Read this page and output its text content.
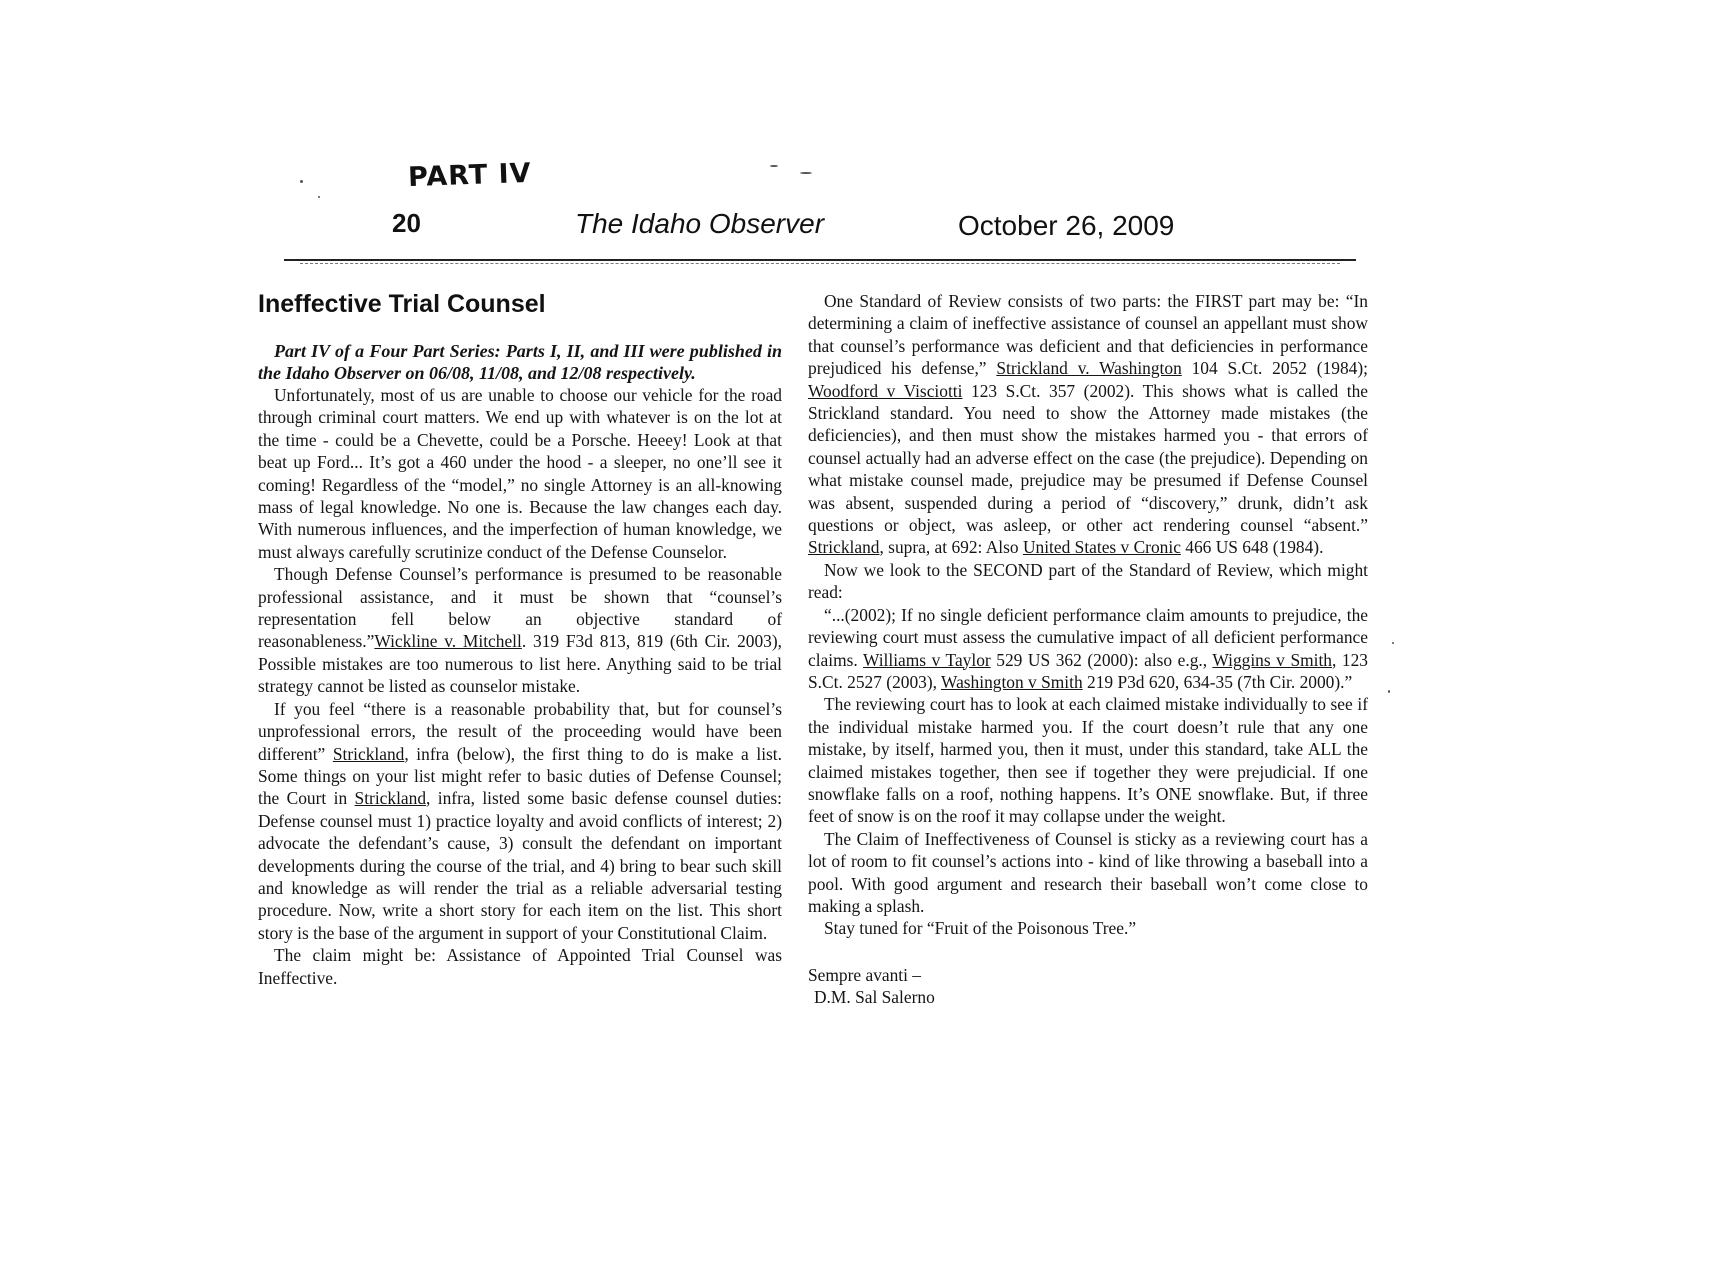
PART IV
20	The Idaho Observer	October 26, 2009
Ineffective Trial Counsel

Part IV of a Four Part Series: Parts I, II, and III were published in the Idaho Observer on 06/08, 11/08, and 12/08 respectively.

Unfortunately, most of us are unable to choose our vehicle for the road through criminal court matters. We end up with whatever is on the lot at the time - could be a Chevette, could be a Porsche. Heeey! Look at that beat up Ford... It’s got a 460 under the hood - a sleeper, no one’ll see it coming! Regardless of the “model,” no single Attorney is an all-knowing mass of legal knowledge. No one is. Because the law changes each day. With numerous influences, and the imperfection of human knowledge, we must always carefully scrutinize conduct of the Defense Counselor.

Though Defense Counsel’s performance is presumed to be reasonable professional assistance, and it must be shown that “counsel’s representation fell below an objective standard of reasonableness.”Wickline v. Mitchell. 319 F3d 813, 819 (6th Cir. 2003), Possible mistakes are too numerous to list here. Anything said to be trial strategy cannot be listed as counselor mistake.

If you feel “there is a reasonable probability that, but for counsel’s unprofessional errors, the result of the proceeding would have been different” Strickland, infra (below), the first thing to do is make a list. Some things on your list might refer to basic duties of Defense Counsel; the Court in Strickland, infra, listed some basic defense counsel duties: Defense counsel must 1) practice loyalty and avoid conflicts of interest; 2) advocate the defendant’s cause, 3) consult the defendant on important developments during the course of the trial, and 4) bring to bear such skill and knowledge as will render the trial as a reliable adversarial testing procedure. Now, write a short story for each item on the list. This short story is the base of the argument in support of your Constitutional Claim.

The claim might be: Assistance of Appointed Trial Counsel was Ineffective.

One Standard of Review consists of two parts: the FIRST part may be: “In determining a claim of ineffective assistance of counsel an appellant must show that counsel’s performance was deficient and that deficiencies in performance prejudiced his defense,” Strickland v. Washington 104 S.Ct. 2052 (1984); Woodford v Visciotti 123 S.Ct. 357 (2002). This shows what is called the Strickland standard. You need to show the Attorney made mistakes (the deficiencies), and then must show the mistakes harmed you - that errors of counsel actually had an adverse effect on the case (the prejudice). Depending on what mistake counsel made, prejudice may be presumed if Defense Counsel was absent, suspended during a period of “discovery,” drunk, didn’t ask questions or object, was asleep, or other act rendering counsel “absent.” Strickland, supra, at 692: Also United States v Cronic 466 US 648 (1984).

Now we look to the SECOND part of the Standard of Review, which might read:

“...(2002); If no single deficient performance claim amounts to prejudice, the reviewing court must assess the cumulative impact of all deficient performance claims. Williams v Taylor 529 US 362 (2000): also e.g., Wiggins v Smith, 123 S.Ct. 2527 (2003), Washington v Smith 219 P3d 620, 634-35 (7th Cir. 2000).”

The reviewing court has to look at each claimed mistake individually to see if the individual mistake harmed you. If the court doesn’t rule that any one mistake, by itself, harmed you, then it must, under this standard, take ALL the claimed mistakes together, then see if together they were prejudicial. If one snowflake falls on a roof, nothing happens. It’s ONE snowflake. But, if three feet of snow is on the roof it may collapse under the weight.

The Claim of Ineffectiveness of Counsel is sticky as a reviewing court has a lot of room to fit counsel’s actions into - kind of like throwing a baseball into a pool. With good argument and research their baseball won’t come close to making a splash.

Stay tuned for “Fruit of the Poisonous Tree.”

Sempre avanti –
D.M. Sal Salerno
